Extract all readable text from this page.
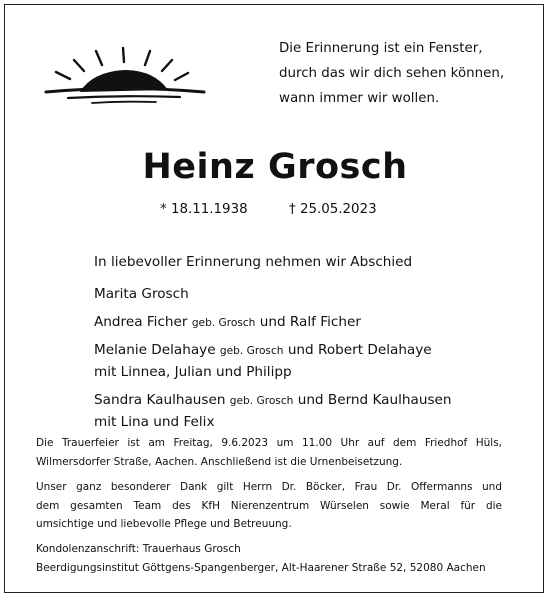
Die Erinnerung ist ein Fenster,
durch das wir dich sehen können,
wann immer wir wollen.
Heinz Grosch
* 18.11.1938	† 25.05.2023
In liebevoller Erinnerung nehmen wir Abschied
Marita Grosch
Andrea Ficher geb. Grosch und Ralf Ficher
Melanie Delahaye geb. Grosch und Robert Delahaye
mit Linnea, Julian und Philipp
Sandra Kaulhausen geb. Grosch und Bernd Kaulhausen
mit Lina und Felix
Die Trauerfeier ist am Freitag, 9.6.2023 um 11.00 Uhr auf dem Friedhof Hüls,
Wilmersdorfer Straße, Aachen. Anschließend ist die Urnenbeisetzung.
Unser ganz besonderer Dank gilt Herrn Dr. Böcker, Frau Dr. Offermanns und
dem gesamten Team des KfH Nierenzentrum Würselen sowie Meral für die
umsichtige und liebevolle Pflege und Betreuung.
Kondolenzanschrift: Trauerhaus Grosch
Beerdigungsinstitut Göttgens-Spangenberger, Alt-Haarener Straße 52, 52080 Aachen
